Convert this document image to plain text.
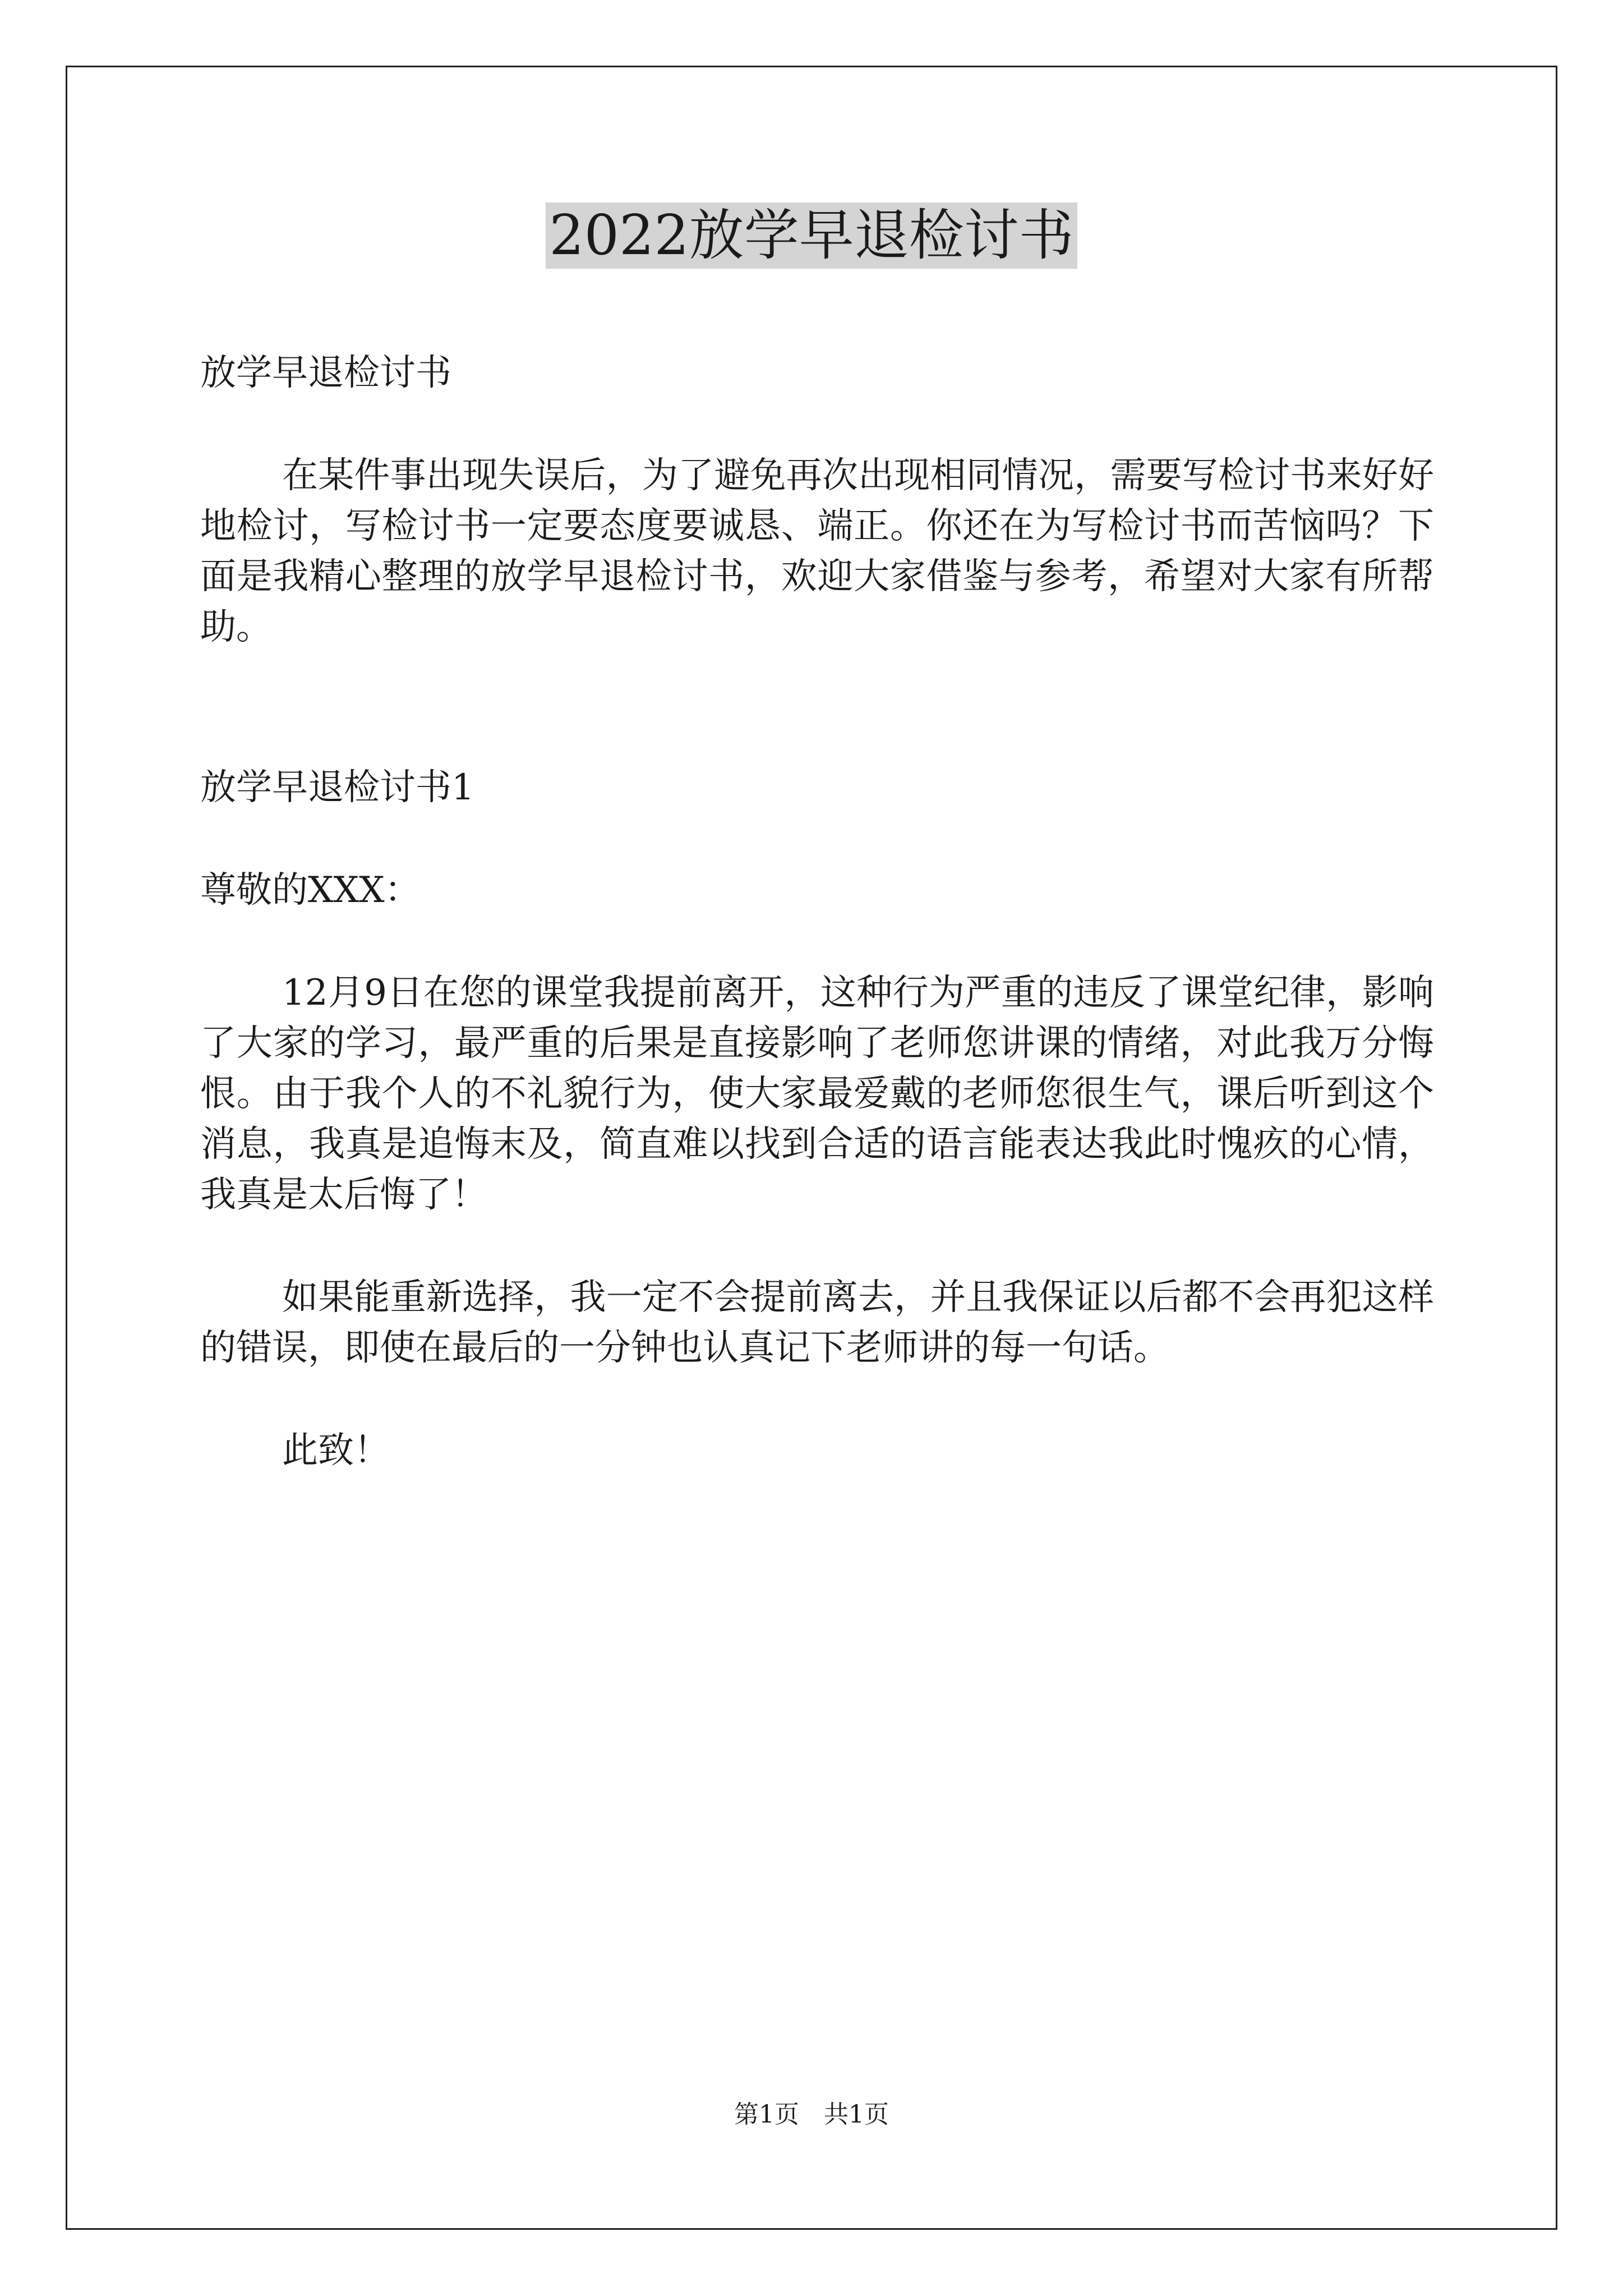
2022放学早退检讨书

放学早退检讨书

在某件事出现失误后，为了避免再次出现相同情况，需要写检讨书来好好地检讨，写检讨书一定要态度要诚恳、端正。你还在为写检讨书而苦恼吗？下面是我精心整理的放学早退检讨书，欢迎大家借鉴与参考，希望对大家有所帮助。

放学早退检讨书1

尊敬的XXX：

12月9日在您的课堂我提前离开，这种行为严重的违反了课堂纪律，影响了大家的学习，最严重的后果是直接影响了老师您讲课的情绪，对此我万分悔恨。由于我个人的不礼貌行为，使大家最爱戴的老师您很生气，课后听到这个消息，我真是追悔末及，简直难以找到合适的语言能表达我此时愧疚的心情，我真是太后悔了！

如果能重新选择，我一定不会提前离去，并且我保证以后都不会再犯这样的错误，即使在最后的一分钟也认真记下老师讲的每一句话。

此致！

第1页　共1页
